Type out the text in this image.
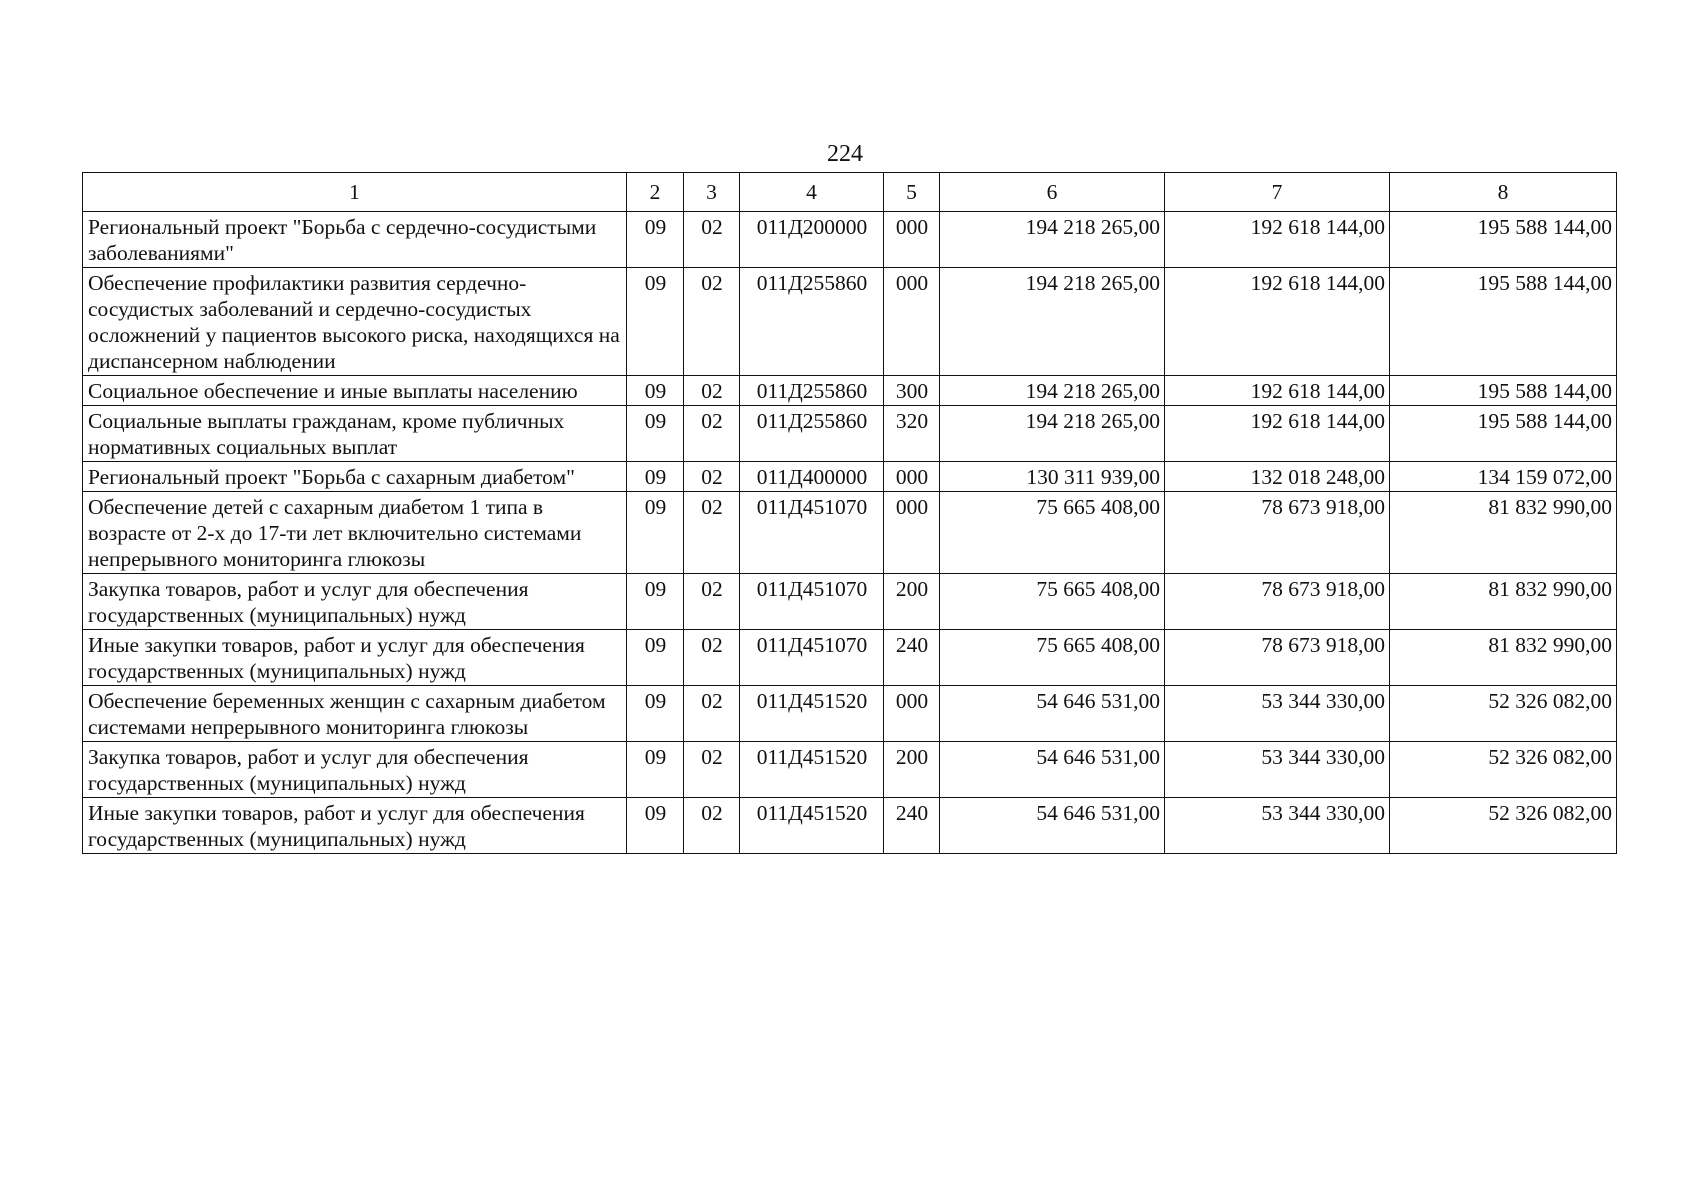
224
1	2	3	4	5	6	7	8
Региональный проект "Борьба с сердечно-сосудистыми заболеваниями"	09	02	011Д200000	000	194 218 265,00	192 618 144,00	195 588 144,00
Обеспечение профилактики развития сердечно-сосудистых заболеваний и сердечно-сосудистых осложнений у пациентов высокого риска, находящихся на диспансерном наблюдении	09	02	011Д255860	000	194 218 265,00	192 618 144,00	195 588 144,00
Социальное обеспечение и иные выплаты населению	09	02	011Д255860	300	194 218 265,00	192 618 144,00	195 588 144,00
Социальные выплаты гражданам, кроме публичных нормативных социальных выплат	09	02	011Д255860	320	194 218 265,00	192 618 144,00	195 588 144,00
Региональный проект "Борьба с сахарным диабетом"	09	02	011Д400000	000	130 311 939,00	132 018 248,00	134 159 072,00
Обеспечение детей с сахарным диабетом 1 типа в возрасте от 2-х до 17-ти лет включительно системами непрерывного мониторинга глюкозы	09	02	011Д451070	000	75 665 408,00	78 673 918,00	81 832 990,00
Закупка товаров, работ и услуг для обеспечения государственных (муниципальных) нужд	09	02	011Д451070	200	75 665 408,00	78 673 918,00	81 832 990,00
Иные закупки товаров, работ и услуг для обеспечения государственных (муниципальных) нужд	09	02	011Д451070	240	75 665 408,00	78 673 918,00	81 832 990,00
Обеспечение беременных женщин с сахарным диабетом системами непрерывного мониторинга глюкозы	09	02	011Д451520	000	54 646 531,00	53 344 330,00	52 326 082,00
Закупка товаров, работ и услуг для обеспечения государственных (муниципальных) нужд	09	02	011Д451520	200	54 646 531,00	53 344 330,00	52 326 082,00
Иные закупки товаров, работ и услуг для обеспечения государственных (муниципальных) нужд	09	02	011Д451520	240	54 646 531,00	53 344 330,00	52 326 082,00
